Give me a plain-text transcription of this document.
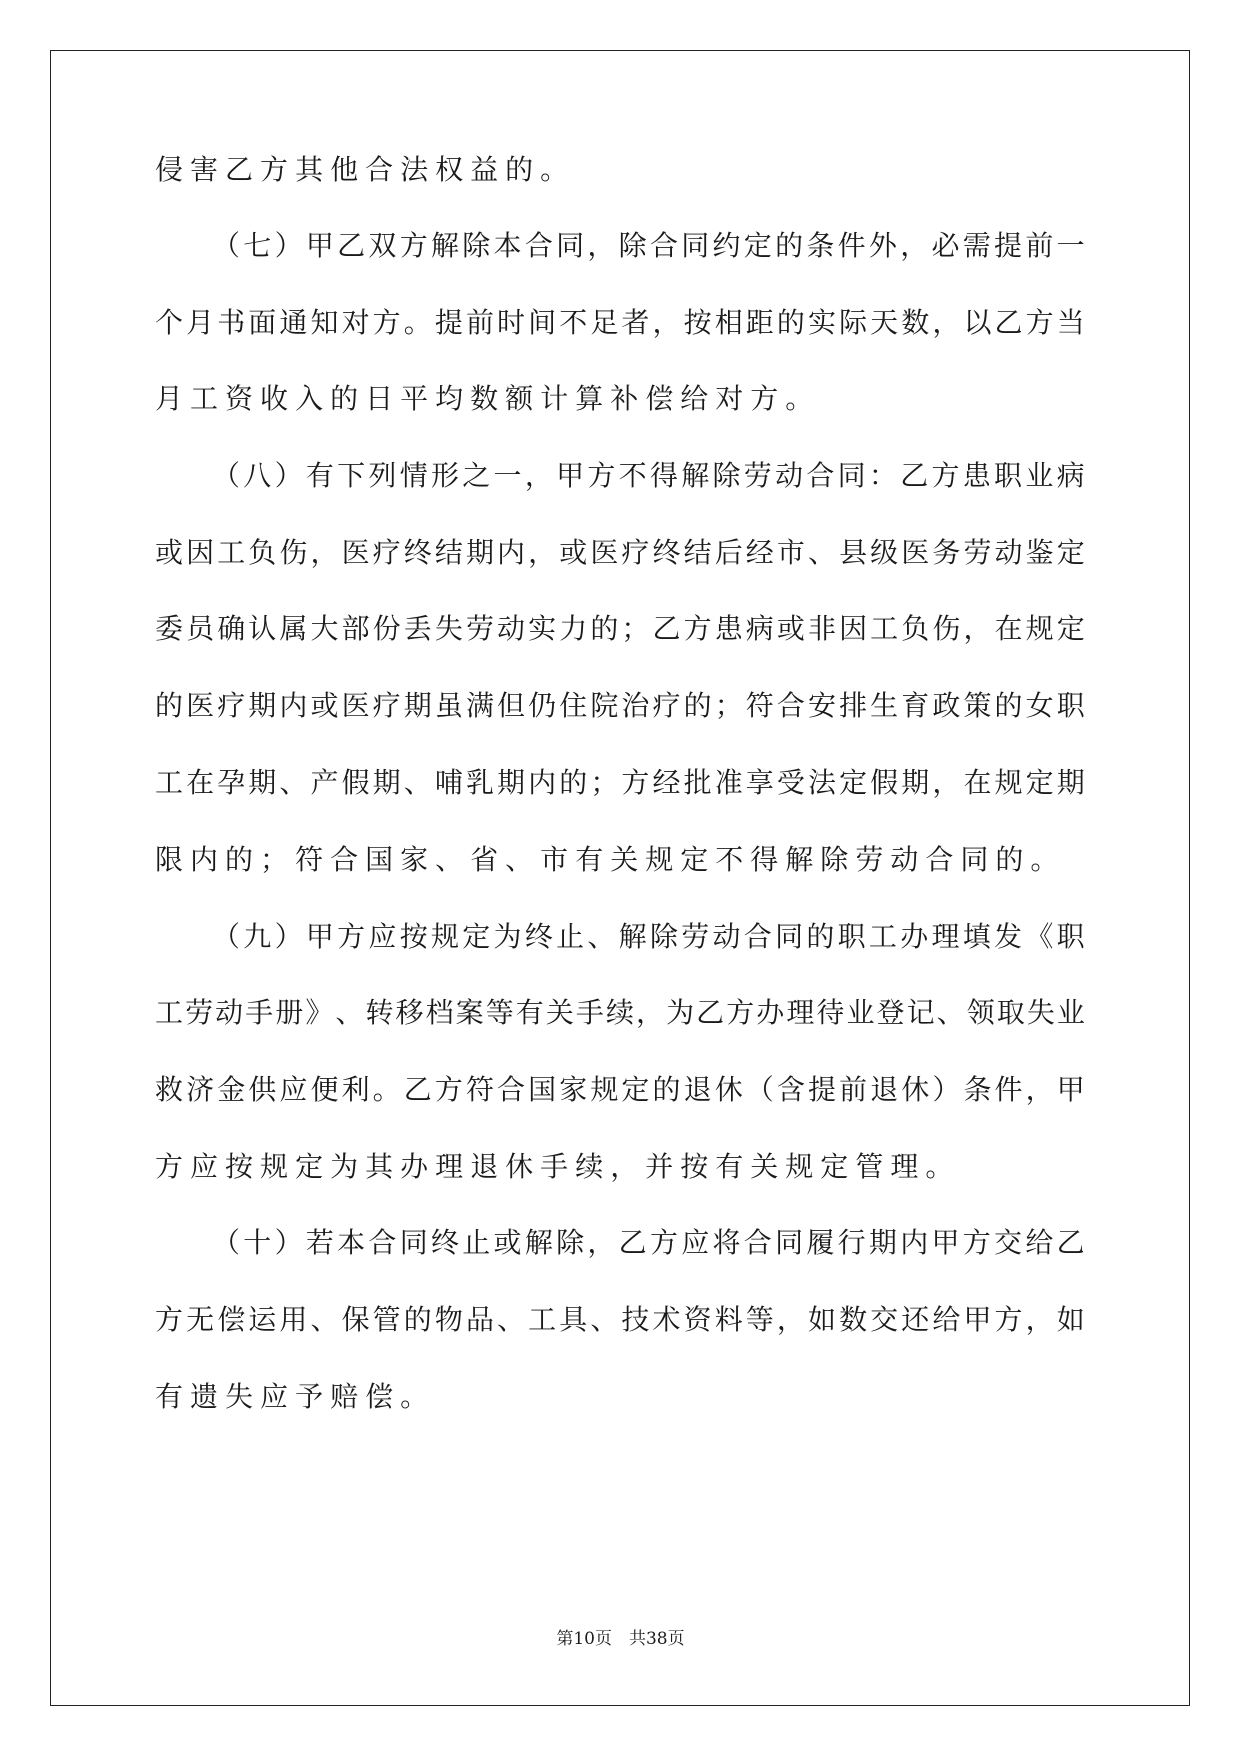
侵 害 乙 方 其 他 合 法 权 益 的 。
（ 七 ） 甲 乙 双 方 解 除 本 合 同 ， 除 合 同 约 定 的 条 件 外 ， 必 需 提 前 一
个 月 书 面 通 知 对 方 。 提 前 时 间 不 足 者 ， 按 相 距 的 实 际 天 数 ， 以 乙 方 当
月 工 资 收 入 的 日 平 均 数 额 计 算 补 偿 给 对 方 。
（ 八 ） 有 下 列 情 形 之 一 ， 甲 方 不 得 解 除 劳 动 合 同 ： 乙 方 患 职 业 病
或 因 工 负 伤 ， 医 疗 终 结 期 内 ， 或 医 疗 终 结 后 经 市 、 县 级 医 务 劳 动 鉴 定
委 员 确 认 属 大 部 份 丢 失 劳 动 实 力 的 ； 乙 方 患 病 或 非 因 工 负 伤 ， 在 规 定
的 医 疗 期 内 或 医 疗 期 虽 满 但 仍 住 院 治 疗 的 ； 符 合 安 排 生 育 政 策 的 女 职
工 在 孕 期 、 产 假 期 、 哺 乳 期 内 的 ； 方 经 批 准 享 受 法 定 假 期 ， 在 规 定 期
限 内 的 ； 符 合 国 家 、 省 、 市 有 关 规 定 不 得 解 除 劳 动 合 同 的 。
（ 九 ） 甲 方 应 按 规 定 为 终 止 、 解 除 劳 动 合 同 的 职 工 办 理 填 发 《 职
工 劳 动 手 册 》 、 转 移 档 案 等 有 关 手 续 ， 为 乙 方 办 理 待 业 登 记 、 领 取 失 业
救 济 金 供 应 便 利 。 乙 方 符 合 国 家 规 定 的 退 休 （ 含 提 前 退 休 ） 条 件 ， 甲
方 应 按 规 定 为 其 办 理 退 休 手 续 ， 并 按 有 关 规 定 管 理 。
（ 十 ） 若 本 合 同 终 止 或 解 除 ， 乙 方 应 将 合 同 履 行 期 内 甲 方 交 给 乙
方 无 偿 运 用 、 保 管 的 物 品 、 工 具 、 技 术 资 料 等 ， 如 数 交 还 给 甲 方 ， 如
有 遗 失 应 予 赔 偿 。
第10页　共38页
